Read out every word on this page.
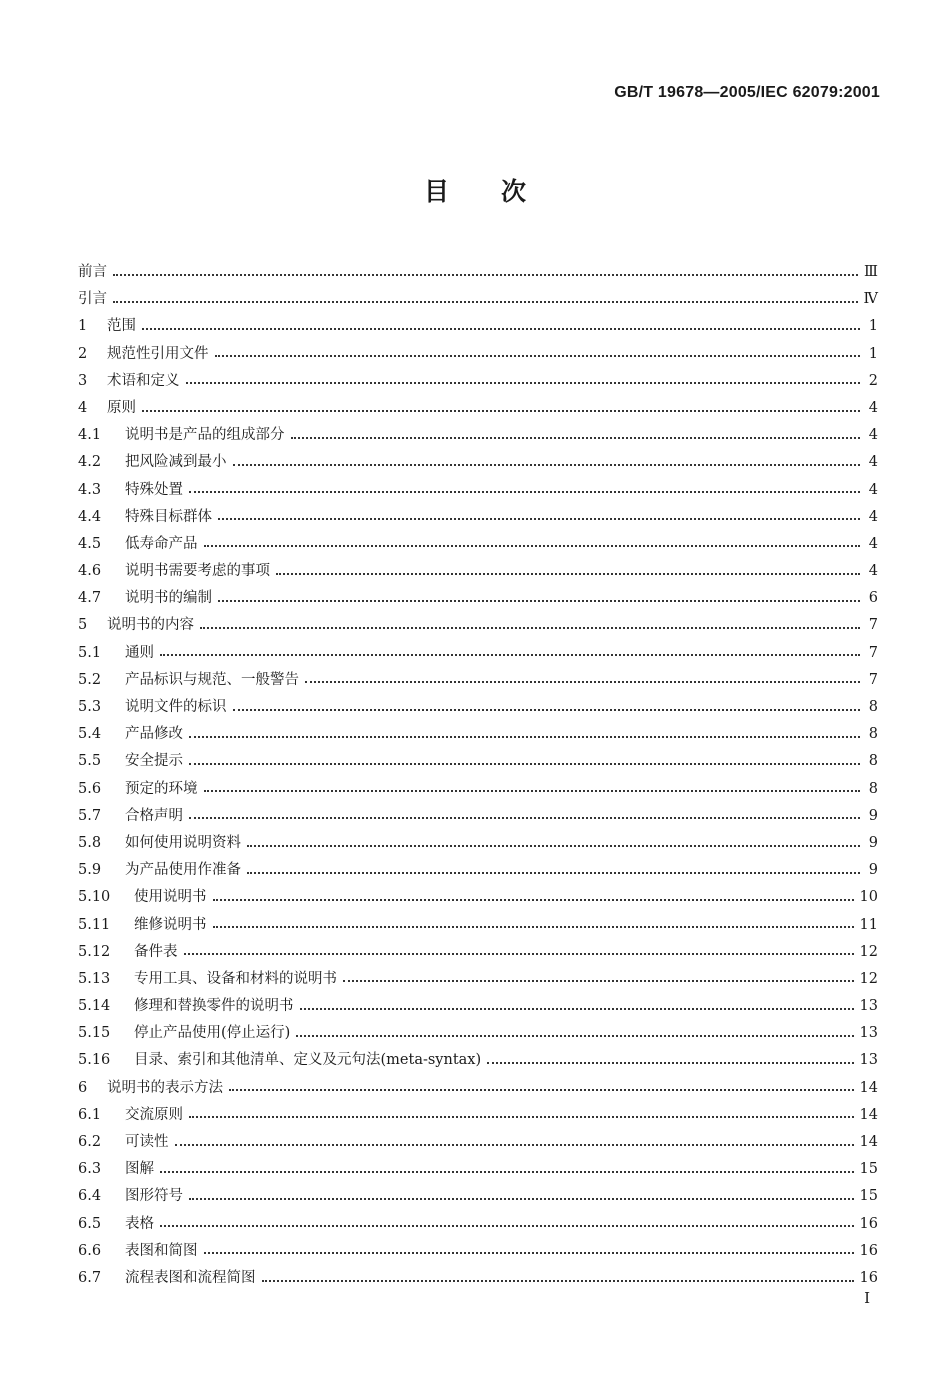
GB/T 19678—2005/IEC 62079:2001
目次
前言	Ⅲ
引言	Ⅳ
1	范围	1
2	规范性引用文件	1
3	术语和定义	2
4	原则	4
4.1	说明书是产品的组成部分	4
4.2	把风险减到最小	4
4.3	特殊处置	4
4.4	特殊目标群体	4
4.5	低寿命产品	4
4.6	说明书需要考虑的事项	4
4.7	说明书的编制	6
5	说明书的内容	7
5.1	通则	7
5.2	产品标识与规范、一般警告	7
5.3	说明文件的标识	8
5.4	产品修改	8
5.5	安全提示	8
5.6	预定的环境	8
5.7	合格声明	9
5.8	如何使用说明资料	9
5.9	为产品使用作准备	9
5.10	使用说明书	10
5.11	维修说明书	11
5.12	备件表	12
5.13	专用工具、设备和材料的说明书	12
5.14	修理和替换零件的说明书	13
5.15	停止产品使用(停止运行)	13
5.16	目录、索引和其他清单、定义及元句法(meta-syntax)	13
6	说明书的表示方法	14
6.1	交流原则	14
6.2	可读性	14
6.3	图解	15
6.4	图形符号	15
6.5	表格	16
6.6	表图和简图	16
6.7	流程表图和流程简图	16
I
